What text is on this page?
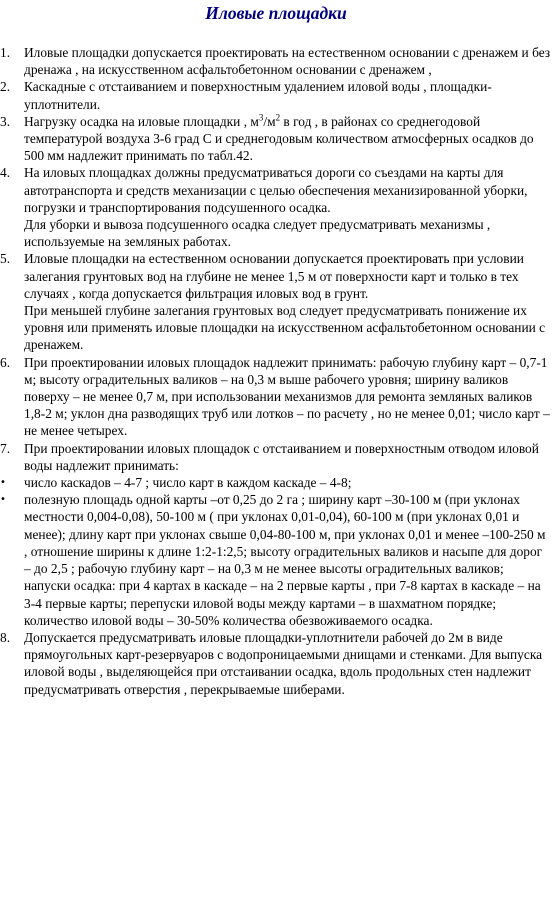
Иловые площадки
1.	Иловые площадки допускается проектировать на естественном основании с дренажем и без дренажа , на искусственном асфальтобетонном основании с дренажем ,
2.	Каскадные с отстаиванием и поверхностным удалением иловой воды , площадки- уплотнители.
3.	Нагрузку осадка на иловые площадки , $м^3/м^2$ в год , в районах со среднегодовой температурой воздуха 3-6 град С и среднегодовым количеством атмосферных осадков до 500 мм надлежит принимать по табл.42.
4.	На иловых площадках должны предусматриваться дороги со съездами на карты для автотранспорта и средств механизации с целью обеспечения механизированной уборки, погрузки и транспортирования подсушенного осадка.
Для уборки и вывоза подсушенного осадка следует предусматривать механизмы , используемые на земляных работах.
5.	Иловые площадки на естественном основании допускается проектировать при условии залегания грунтовых вод на глубине не менее 1,5 м от поверхности карт и только в тех случаях , когда допускается фильтрация иловых вод в грунт.
При меньшей глубине залегания грунтовых вод следует предусматривать понижение их уровня или применять иловые площадки на искусственном асфальтобетонном основании с дренажем.
6.	При проектировании иловых площадок надлежит принимать: рабочую глубину карт – 0,7-1 м; высоту оградительных валиков – на 0,3 м выше рабочего уровня; ширину валиков поверху – не менее 0,7 м, при использовании механизмов для ремонта земляных валиков 1,8-2 м; уклон дна разводящих труб или лотков – по расчету , но не менее 0,01; число карт – не менее четырех.
7.	При проектировании иловых площадок с отстаиванием и поверхностным отводом иловой воды надлежит принимать:
•	число каскадов – 4-7 ; число карт в каждом каскаде – 4-8;
•	полезную площадь одной карты –от 0,25 до 2 га ; ширину карт –30-100 м (при уклонах местности 0,004-0,08), 50-100 м ( при уклонах 0,01-0,04), 60-100 м (при уклонах 0,01 и менее); длину карт при уклонах свыше 0,04-80-100 м, при уклонах 0,01 и менее –100-250 м , отношение ширины к длине 1:2-1:2,5; высоту оградительных валиков и насыпе для дорог – до 2,5 ; рабочую глубину карт – на 0,3 м не менее высоты оградительных валиков; напуски осадка: при 4 картах в каскаде – на 2 первые карты , при 7-8 картах в каскаде – на 3-4 первые карты; перепуски иловой воды между картами – в шахматном порядке; количество иловой воды – 30-50% количества обезвоживаемого осадка.
8.	Допускается предусматривать иловые площадки-уплотнители рабочей до 2м в виде прямоугольных карт-резервуаров с водопроницаемыми днищами и стенками. Для выпуска иловой воды , выделяющейся при отстаивании осадка, вдоль продольных стен надлежит предусматривать отверстия , перекрываемые шиберами.
